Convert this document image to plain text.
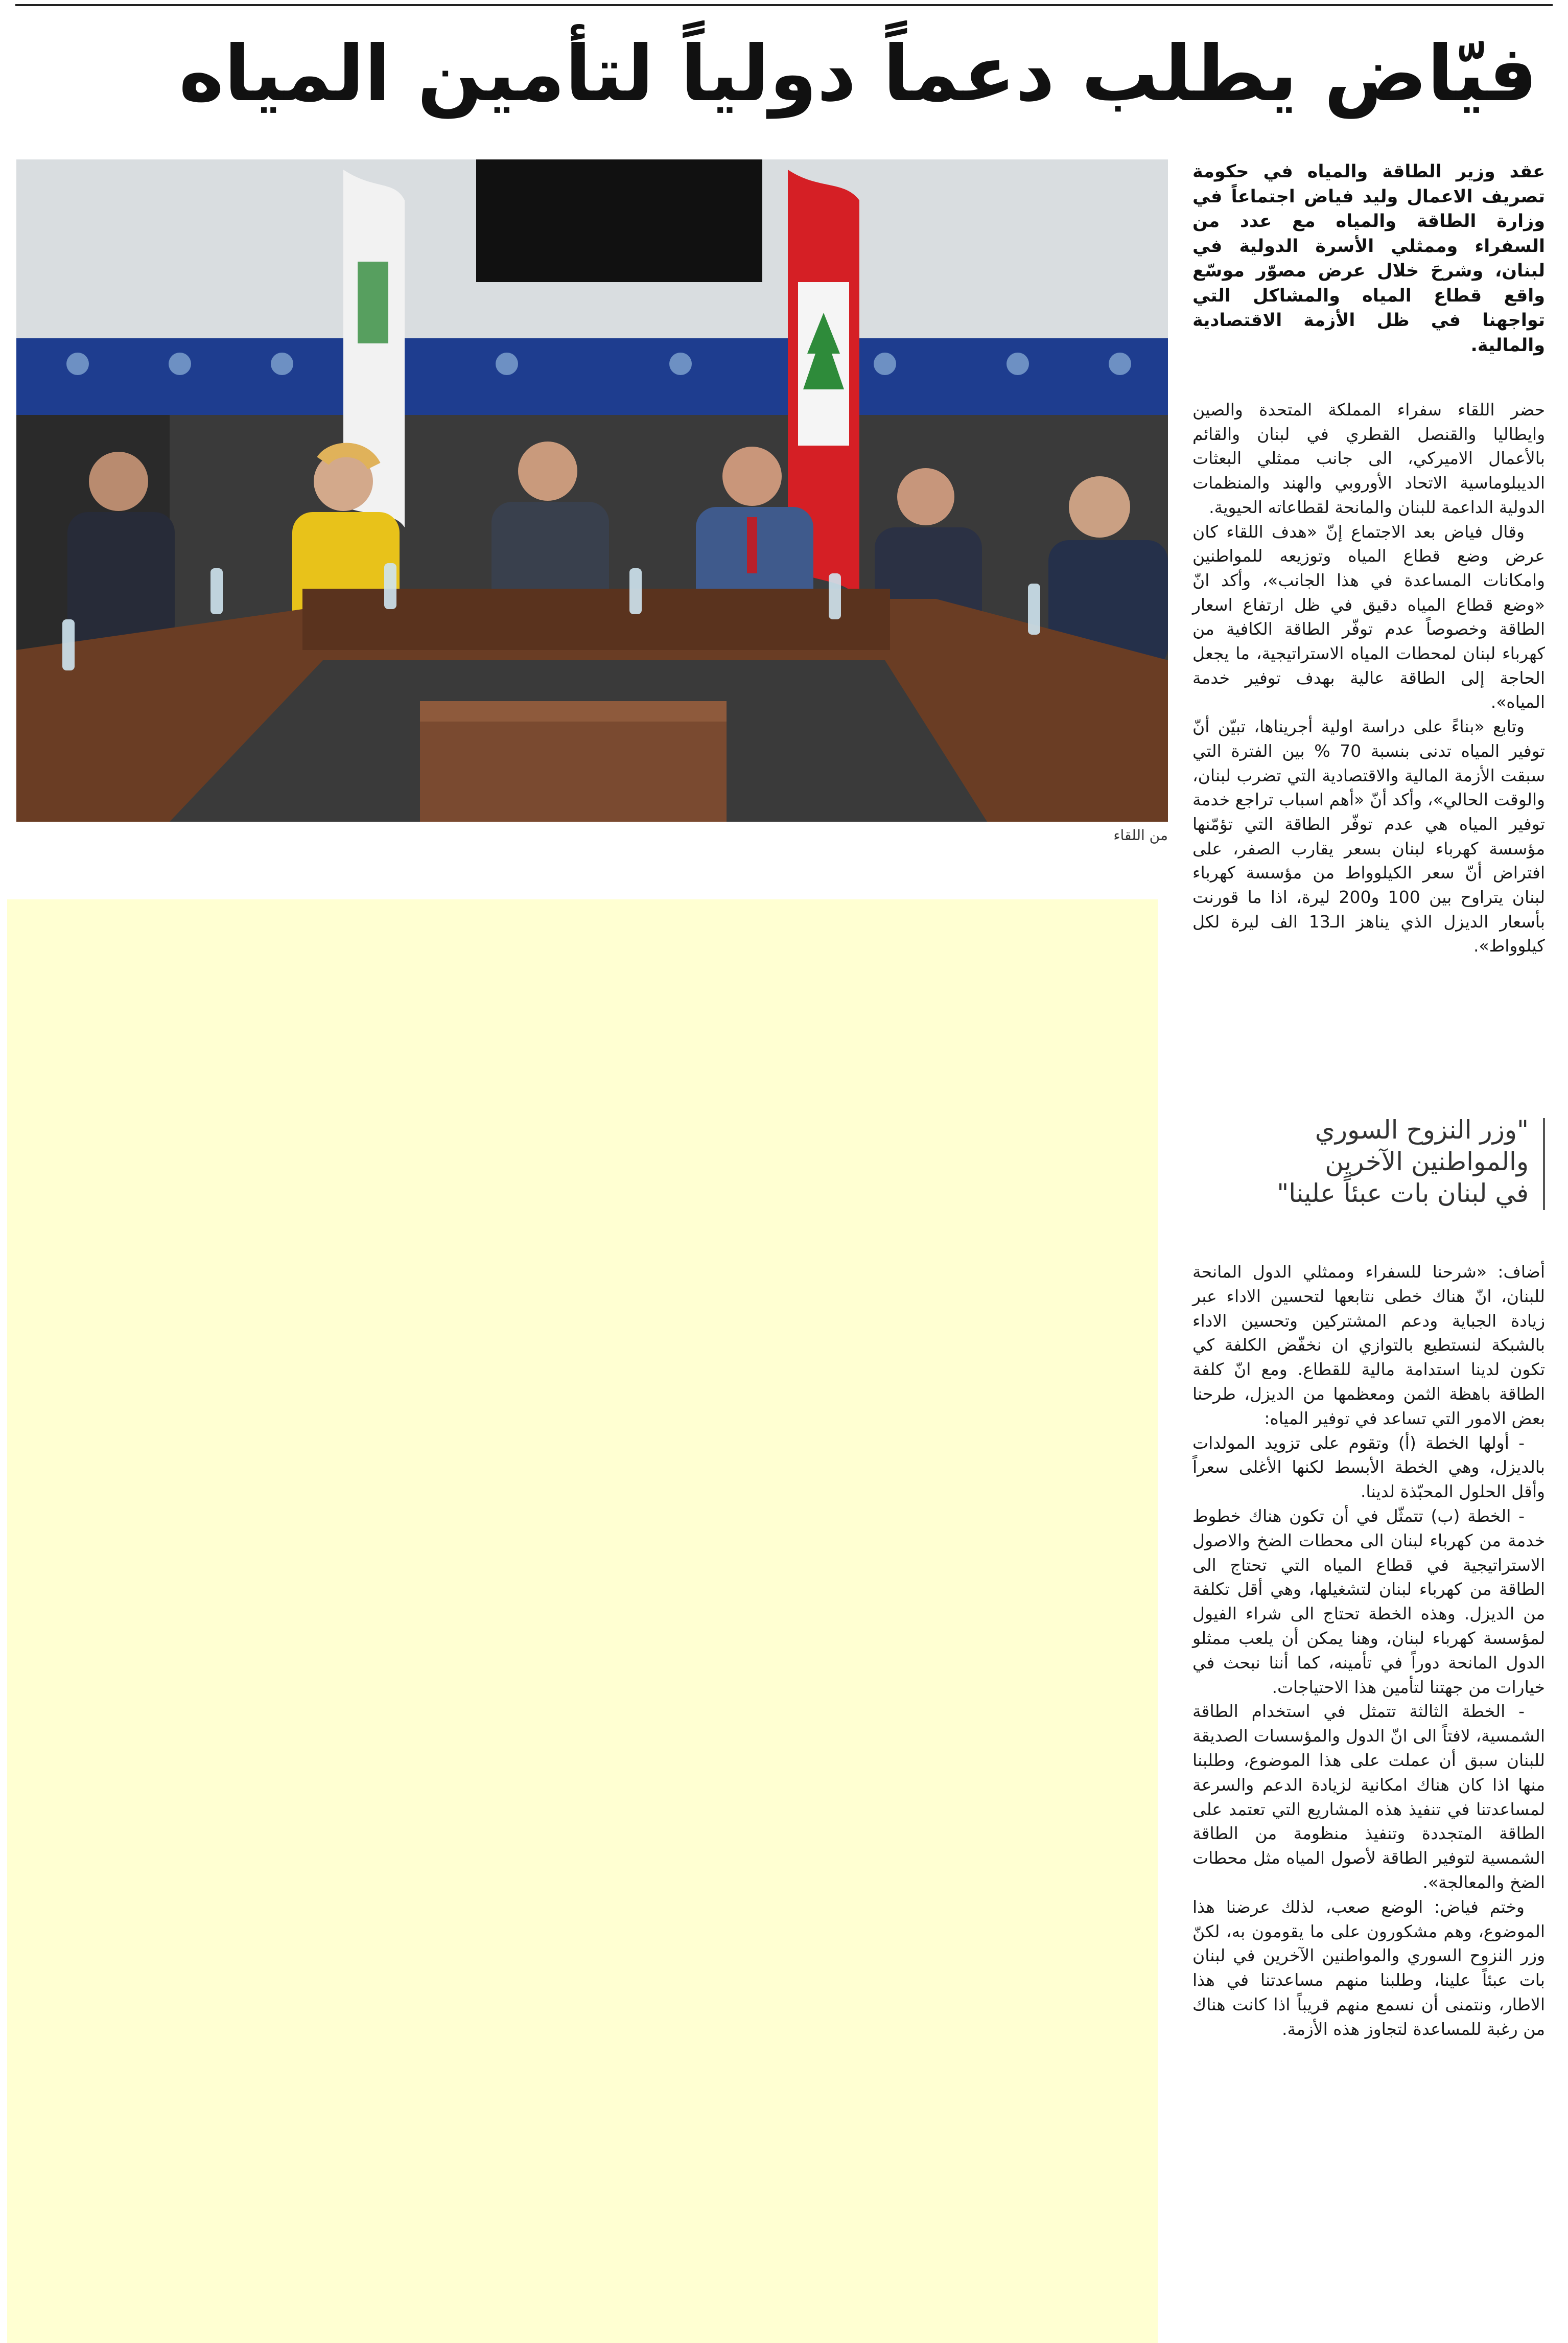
فيّاض يطلب دعماً دولياً لتأمين المياه
من اللقاء

عقد وزير الطاقة والمياه في حكومة تصريف الاعمال وليد فياض اجتماعاً في وزارة الطاقة والمياه مع عدد من السفراء وممثلي الأسرة الدولية في لبنان، وشرحَ خلال عرض مصوّر موسّع واقع قطاع المياه والمشاكل التي تواجهنا في ظل الأزمة الاقتصادية والمالية.

حضر اللقاء سفراء المملكة المتحدة والصين وايطاليا والقنصل القطري في لبنان والقائم بالأعمال الاميركي، الى جانب ممثلي البعثات الديبلوماسية الاتحاد الأوروبي والهند والمنظمات الدولية الداعمة للبنان والمانحة لقطاعاته الحيوية.

وقال فياض بعد الاجتماع إنّ «هدف اللقاء كان عرض وضع قطاع المياه وتوزيعه للمواطنين وامكانات المساعدة في هذا الجانب»، وأكد انّ «وضع قطاع المياه دقيق في ظل ارتفاع اسعار الطاقة وخصوصاً عدم توفّر الطاقة الكافية من كهرباء لبنان لمحطات المياه الاستراتيجية، ما يجعل الحاجة إلى الطاقة عالية بهدف توفير خدمة المياه».

وتابع «بناءً على دراسة اولية أجريناها، تبيّن أنّ توفير المياه تدنى بنسبة 70 % بين الفترة التي سبقت الأزمة المالية والاقتصادية التي تضرب لبنان، والوقت الحالي»، وأكد أنّ «أهم اسباب تراجع خدمة توفير المياه هي عدم توفّر الطاقة التي تؤمّنها مؤسسة كهرباء لبنان بسعر يقارب الصفر، على افتراض أنّ سعر الكيلوواط من مؤسسة كهرباء لبنان يتراوح بين 100 و200 ليرة، اذا ما قورنت بأسعار الديزل الذي يناهز الـ13 الف ليرة لكل كيلوواط».

"وزر النزوح السوري
والمواطنين الآخرين
في لبنان بات عبئاً علينا"

أضاف: «شرحنا للسفراء وممثلي الدول المانحة للبنان، انّ هناك خطى نتابعها لتحسين الاداء عبر زيادة الجباية ودعم المشتركين وتحسين الاداء بالشبكة لنستطيع بالتوازي ان نخفّض الكلفة كي تكون لدينا استدامة مالية للقطاع. ومع انّ كلفة الطاقة باهظة الثمن ومعظمها من الديزل، طرحنا بعض الامور التي تساعد في توفير المياه:

- أولها الخطة (أ) وتقوم على تزويد المولدات بالديزل، وهي الخطة الأبسط لكنها الأغلى سعراً وأقل الحلول المحبّذة لدينا.

- الخطة (ب) تتمثّل في أن تكون هناك خطوط خدمة من كهرباء لبنان الى محطات الضخ والاصول الاستراتيجية في قطاع المياه التي تحتاج الى الطاقة من كهرباء لبنان لتشغيلها، وهي أقل تكلفة من الديزل. وهذه الخطة تحتاج الى شراء الفيول لمؤسسة كهرباء لبنان، وهنا يمكن أن يلعب ممثلو الدول المانحة دوراً في تأمينه، كما أننا نبحث في خيارات من جهتنا لتأمين هذا الاحتياجات.

- الخطة الثالثة تتمثل في استخدام الطاقة الشمسية، لافتاً الى انّ الدول والمؤسسات الصديقة للبنان سبق أن عملت على هذا الموضوع، وطلبنا منها اذا كان هناك امكانية لزيادة الدعم والسرعة لمساعدتنا في تنفيذ هذه المشاريع التي تعتمد على الطاقة المتجددة وتنفيذ منظومة من الطاقة الشمسية لتوفير الطاقة لأصول المياه مثل محطات الضخ والمعالجة».

وختم فياض: الوضع صعب، لذلك عرضنا هذا الموضوع، وهم مشكورون على ما يقومون به، لكنّ وزر النزوح السوري والمواطنين الآخرين في لبنان بات عبئاً علينا، وطلبنا منهم مساعدتنا في هذا الاطار، ونتمنى أن نسمع منهم قريباً اذا كانت هناك من رغبة للمساعدة لتجاوز هذه الأزمة.
